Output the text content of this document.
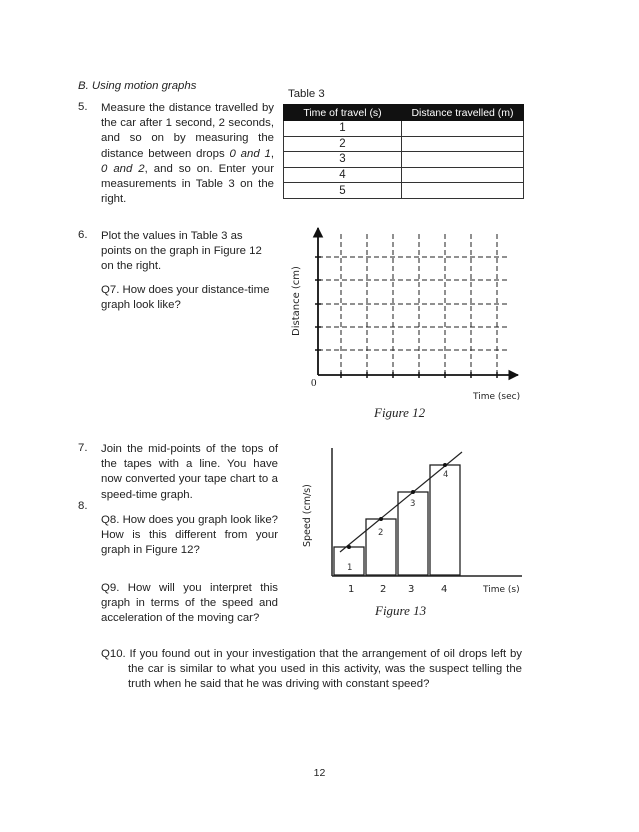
B. Using motion graphs
5. Measure the distance travelled by the car after 1 second, 2 seconds, and so on by measuring the distance between drops 0 and 1, 0 and 2, and so on. Enter your measurements in Table 3 on the right.
Table 3
Time of travel (s)	Distance travelled (m)
1	
2	
3	
4	
5	
6. Plot the values in Table 3 as points on the graph in Figure 12 on the right.
Q7. How does your distance-time graph look like?	Distance (cm)
0
Time (sec)
Figure 12
7. Join the mid-points of the tops of the tapes with a line. You have now converted your tape chart to a speed-time graph.
8.
Q8. How does you graph look like? How is this different from your graph in Figure 12?
Q9. How will you interpret this graph in terms of the speed and acceleration of the moving car?
1
2
3
4
1	2 3	4	Time (s)
Speed (cm/s)
Figure 13
Q10. If you found out in your investigation that the arrangement of oil drops left by the car is similar to what you used in this activity, was the suspect telling the truth when he said that he was driving with constant speed?
12
